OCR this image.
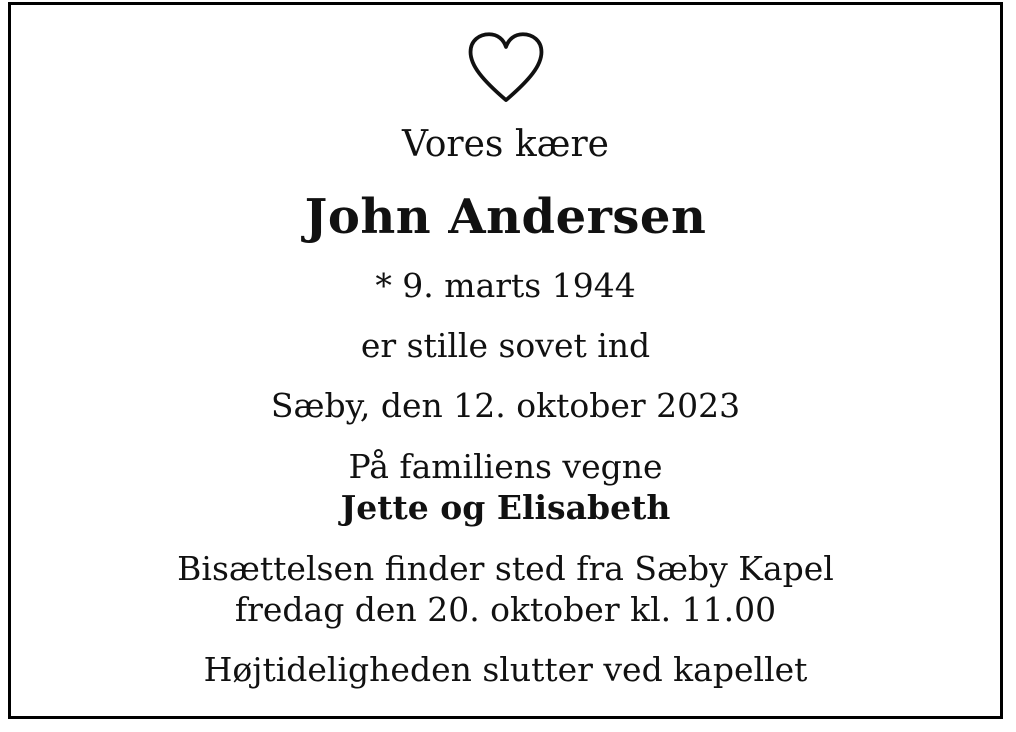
Vores kære

John Andersen

* 9. marts 1944

er stille sovet ind

Sæby, den 12. oktober 2023

På familiens vegne
Jette og Elisabeth
Bisættelsen finder sted fra Sæby Kapel
fredag den 20. oktober kl. 11.00

Højtideligheden slutter ved kapellet
